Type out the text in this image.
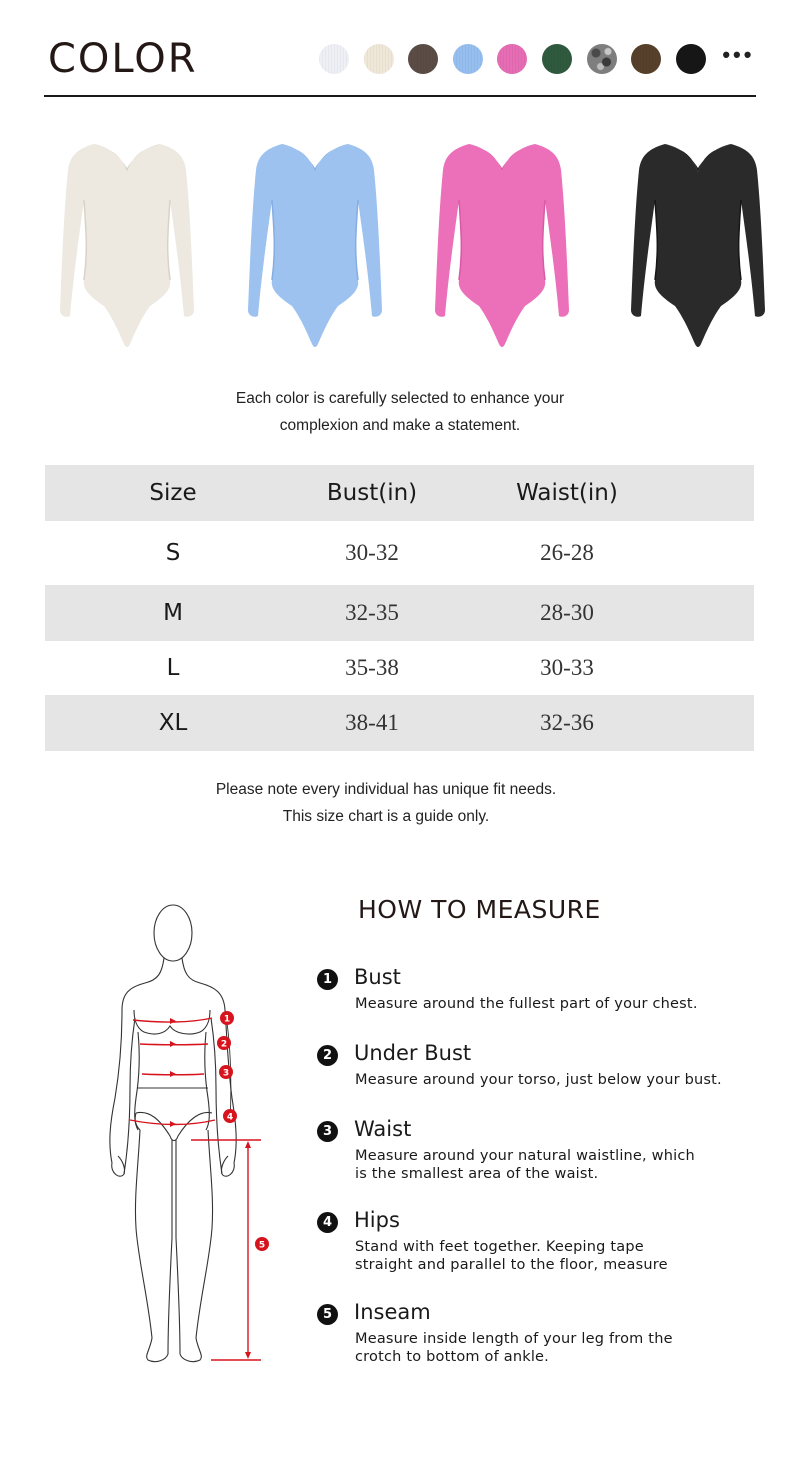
COLOR	•••
Each color is carefully selected to enhance your
complexion and make a statement.
Size	Bust(in)	Waist(in)
S	30-32	26-28
M	32-35	28-30
L	35-38	30-33
XL	38-41	32-36
Please note every individual has unique fit needs.
This size chart is a guide only.
1
2
3
4
5
HOW TO MEASURE
1 Bust
Measure around the fullest part of your chest.
2 Under Bust
Measure around your torso, just below your bust.
3 Waist
Measure around your natural waistline, which is the smallest area of the waist.
4 Hips
Stand with feet together. Keeping tape straight and parallel to the floor, measure
5 Inseam
Measure inside length of your leg from the crotch to bottom of ankle.
